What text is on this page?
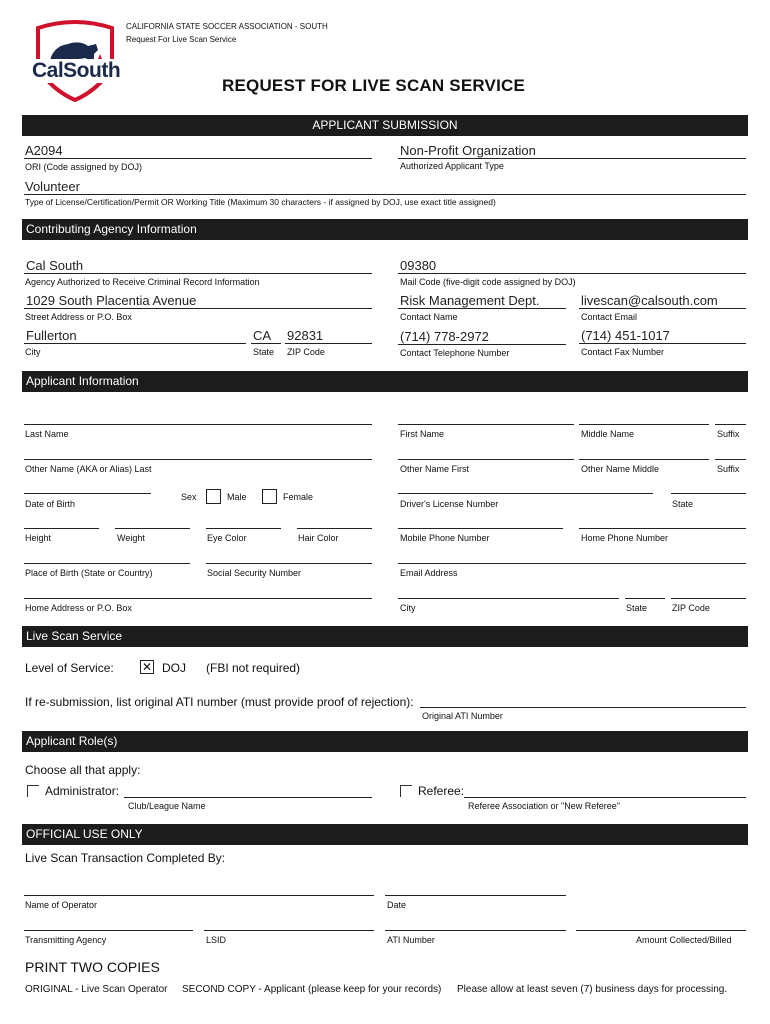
CalSouth
CALIFORNIA STATE SOCCER ASSOCIATION - SOUTH
Request For Live Scan Service
REQUEST FOR LIVE SCAN SERVICE
APPLICANT SUBMISSION
A2094
ORI (Code assigned by DOJ)
Non-Profit Organization
Authorized Applicant Type
Volunteer
Type of License/Certification/Permit OR Working Title (Maximum 30 characters - if assigned by DOJ, use exact title assigned)
Contributing Agency Information
Cal South
Agency Authorized to Receive Criminal Record Information
09380
Mail Code (five-digit code assigned by DOJ)
1029 South Placentia Avenue
Street Address or P.O. Box
Risk Management Dept.
Contact Name
livescan@calsouth.com
Contact Email
Fullerton
City
CA
State
92831
ZIP Code
(714) 778-2972
Contact Telephone Number
(714) 451-1017
Contact Fax Number
Applicant Information
Last Name	First Name	Middle Name	Suffix
Other Name (AKA or Alias) Last	Other Name First	Other Name Middle	Suffix
Date of Birth
Sex	Male	Female
Driver's License Number	State
Height	Weight	Eye Color	Hair Color	Mobile Phone Number	Home Phone Number
Place of Birth (State or Country)	Social Security Number	Email Address
Home Address or P.O. Box	City	State	ZIP Code
Live Scan Service
Level of Service: ✕ DOJ (FBI not required)
If re-submission, list original ATI number (must provide proof of rejection):
Original ATI Number
Applicant Role(s)
Choose all that apply:
Administrator:
Club/League Name
Referee:
Referee Association or "New Referee"
OFFICIAL USE ONLY
Live Scan Transaction Completed By:
Name of Operator	Date
Transmitting Agency	LSID	ATI Number	Amount Collected/Billed
PRINT TWO COPIES
ORIGINAL - Live Scan Operator SECOND COPY - Applicant (please keep for your records) Please allow at least seven (7) business days for processing.
